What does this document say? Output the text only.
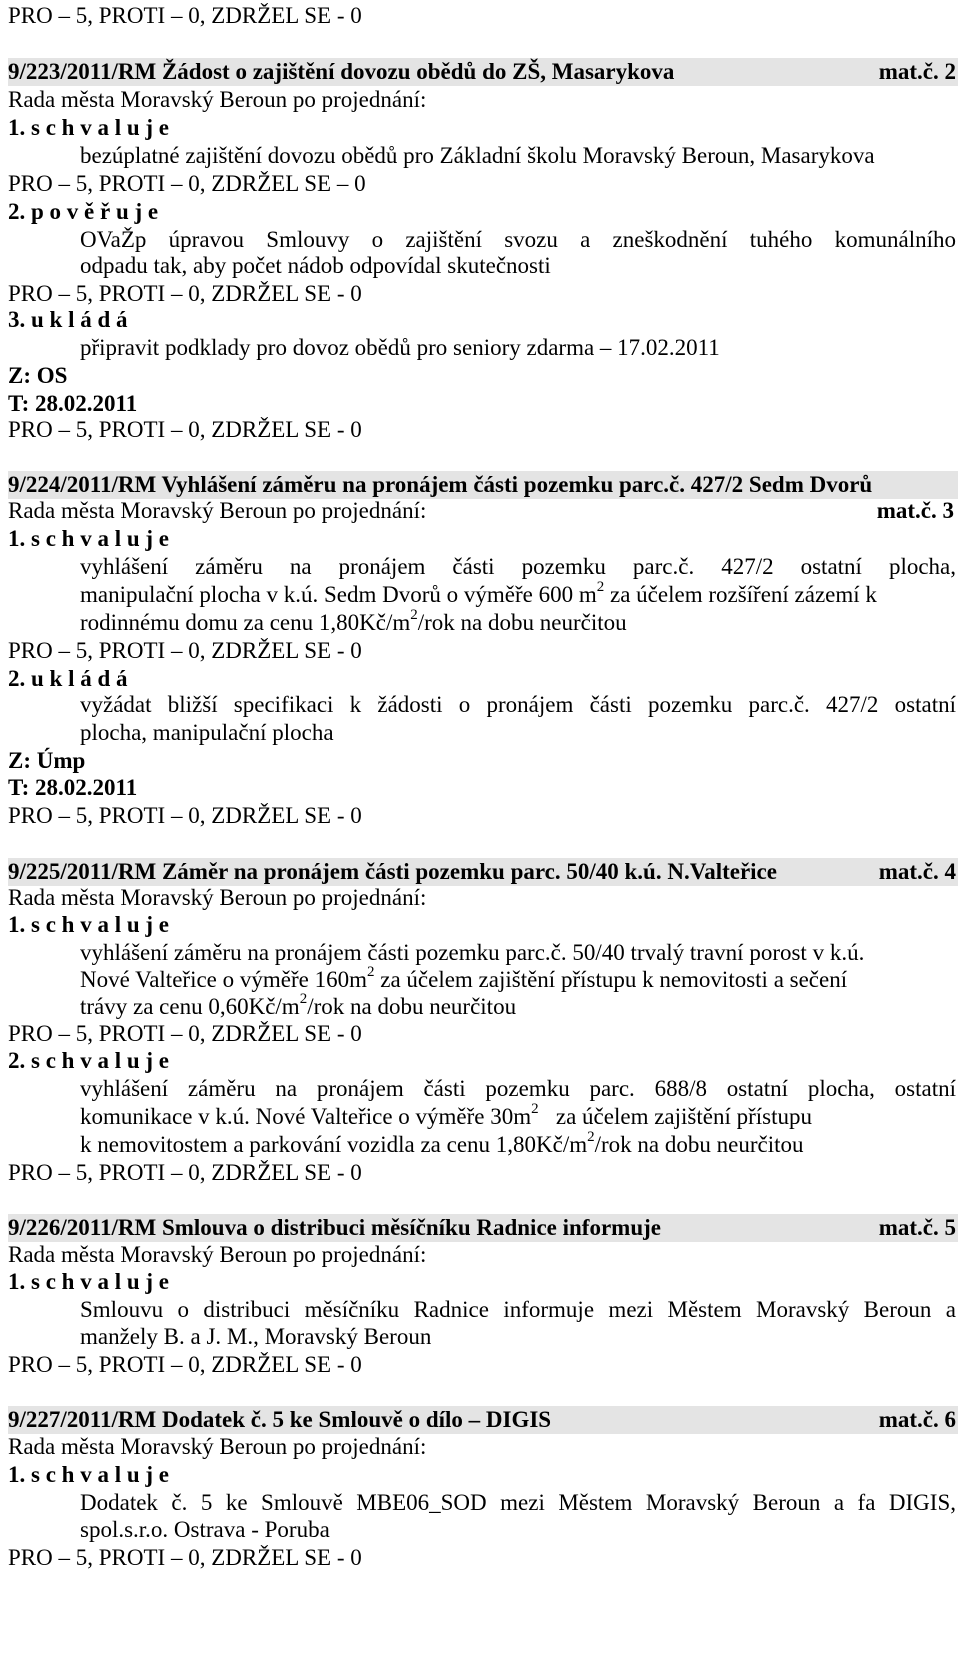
PRO – 5, PROTI – 0, ZDRŽEL SE - 0
9/223/2011/RM Žádost o zajištění dovozu obědů do ZŠ, Masarykova	mat.č. 2
Rada města Moravský Beroun po projednání:
1. s c h v a l u j e
bezúplatné zajištění dovozu obědů pro Základní školu Moravský Beroun, Masarykova
PRO – 5, PROTI – 0, ZDRŽEL SE – 0
2. p o v ě ř u j e
OVaŽp úpravou Smlouvy o zajištění svozu a zneškodnění tuhého komunálního
odpadu tak, aby počet nádob odpovídal skutečnosti
PRO – 5, PROTI – 0, ZDRŽEL SE - 0
3. u k l á d á
připravit podklady pro dovoz obědů pro seniory zdarma – 17.02.2011
Z: OS
T: 28.02.2011
PRO – 5, PROTI – 0, ZDRŽEL SE - 0
9/224/2011/RM Vyhlášení záměru na pronájem části pozemku parc.č. 427/2 Sedm Dvorů
Rada města Moravský Beroun po projednání:	mat.č. 3
1. s c h v a l u j e
vyhlášení záměru na pronájem části pozemku parc.č. 427/2 ostatní plocha,
manipulační plocha v k.ú. Sedm Dvorů o výměře 600 $m^2$ za účelem rozšíření zázemí k
rodinnému domu za cenu $1,80Kč/m^2$/rok na dobu neurčitou
PRO – 5, PROTI – 0, ZDRŽEL SE - 0
2. u k l á d á
vyžádat bližší specifikaci k žádosti o pronájem části pozemku parc.č. 427/2 ostatní
plocha, manipulační plocha
Z: Úmp
T: 28.02.2011
PRO – 5, PROTI – 0, ZDRŽEL SE - 0
9/225/2011/RM Záměr na pronájem části pozemku parc. 50/40 k.ú. N.Valteřice	mat.č. 4
Rada města Moravský Beroun po projednání:
1. s c h v a l u j e
vyhlášení záměru na pronájem části pozemku parc.č. 50/40 trvalý travní porost v k.ú.
Nové Valteřice o výměře $160m^2$ za účelem zajištění přístupu k nemovitosti a sečení
trávy za cenu $0,60Kč/m^2$/rok na dobu neurčitou
PRO – 5, PROTI – 0, ZDRŽEL SE - 0
2. s c h v a l u j e
vyhlášení záměru na pronájem části pozemku parc. 688/8 ostatní plocha, ostatní
komunikace v k.ú. Nové Valteřice o výměře $30m^2$ za účelem zajištění přístupu
k nemovitostem a parkování vozidla za cenu $1,80Kč/m^2$/rok na dobu neurčitou
PRO – 5, PROTI – 0, ZDRŽEL SE - 0
9/226/2011/RM Smlouva o distribuci měsíčníku Radnice informuje	mat.č. 5
Rada města Moravský Beroun po projednání:
1. s c h v a l u j e
Smlouvu o distribuci měsíčníku Radnice informuje mezi Městem Moravský Beroun a
manžely B. a J. M., Moravský Beroun
PRO – 5, PROTI – 0, ZDRŽEL SE - 0
9/227/2011/RM Dodatek č. 5 ke Smlouvě o dílo – DIGIS	mat.č. 6
Rada města Moravský Beroun po projednání:
1. s c h v a l u j e
Dodatek č. 5 ke Smlouvě MBE06_SOD mezi Městem Moravský Beroun a fa DIGIS,
spol.s.r.o. Ostrava - Poruba
PRO – 5, PROTI – 0, ZDRŽEL SE - 0
